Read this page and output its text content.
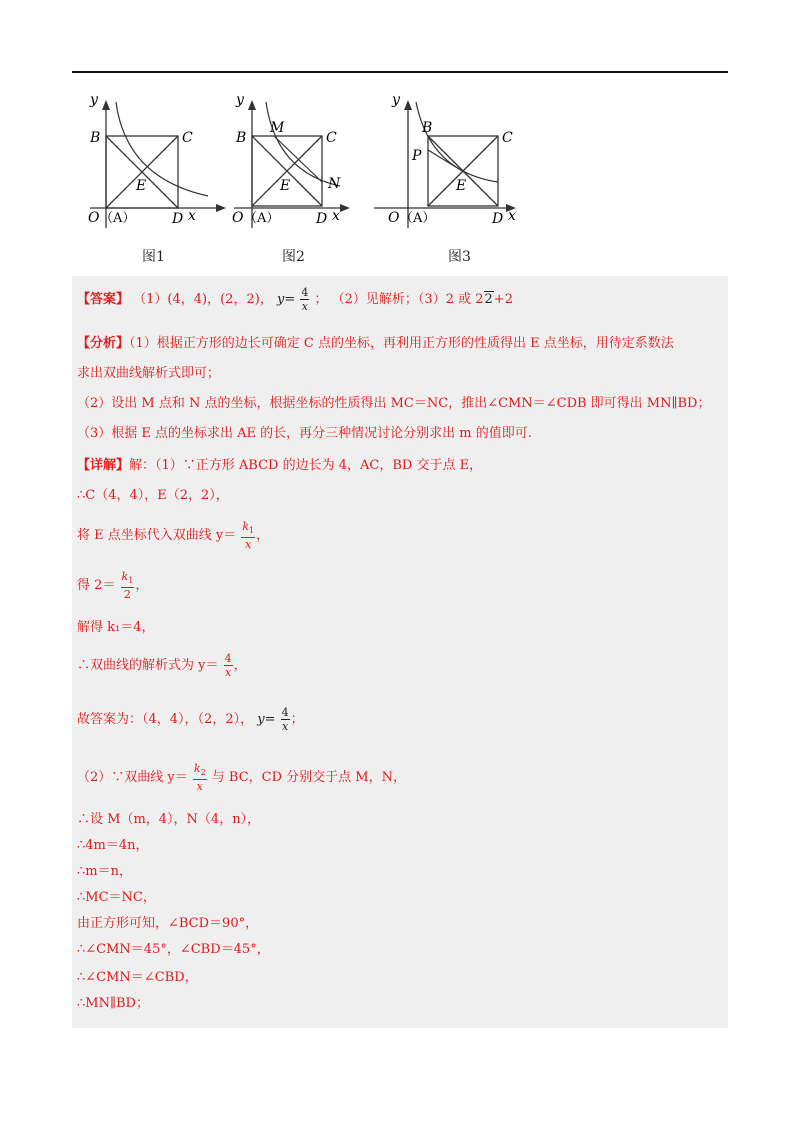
y
B	C
E
O （A）	D x
图1
y
B
M
C
N
E
O （A）	D x
图2
y
B
C
P
E
O （A）	D x
图3
【答案】 （1）(4，4)，(2，2)， $y= \frac{4}{x}$ ； （2）见解析；（3）2 或 22+2
【分析】（1）根据正方形的边长可确定 C 点的坐标，再利用正方形的性质得出 E 点坐标，用待定系数法
求出双曲线解析式即可；
（2）设出 M 点和 N 点的坐标，根据坐标的性质得出 MC＝NC，推出∠CMN＝∠CDB 即可得出 MN∥BD；
（3）根据 E 点的坐标求出 AE 的长，再分三种情况讨论分别求出 m 的值即可.
【详解】解：（1）∵正方形 ABCD 的边长为 4，AC，BD 交于点 E，
∴C（4，4），E（2，2），
将 E 点坐标代入双曲线 $y= \frac{k_1}{x}$ ，
得 $2= \frac{k_1}{2}$ ，
解得 k₁＝4，
∴双曲线的解析式为 $y= \frac{4}{x}$ ，
故答案为：（4，4），（2，2）， $y= \frac{4}{x}$ ；
（2）∵双曲线 $y= \frac{k_2}{x}$ 与 BC，CD 分别交于点 M，N，
∴设 M（m，4），N（4，n），
∴4m＝4n，
∴m＝n，
∴MC＝NC，
由正方形可知，∠BCD＝90°，
∴∠CMN＝45°，∠CBD＝45°，
∴∠CMN＝∠CBD，
∴MN∥BD；
